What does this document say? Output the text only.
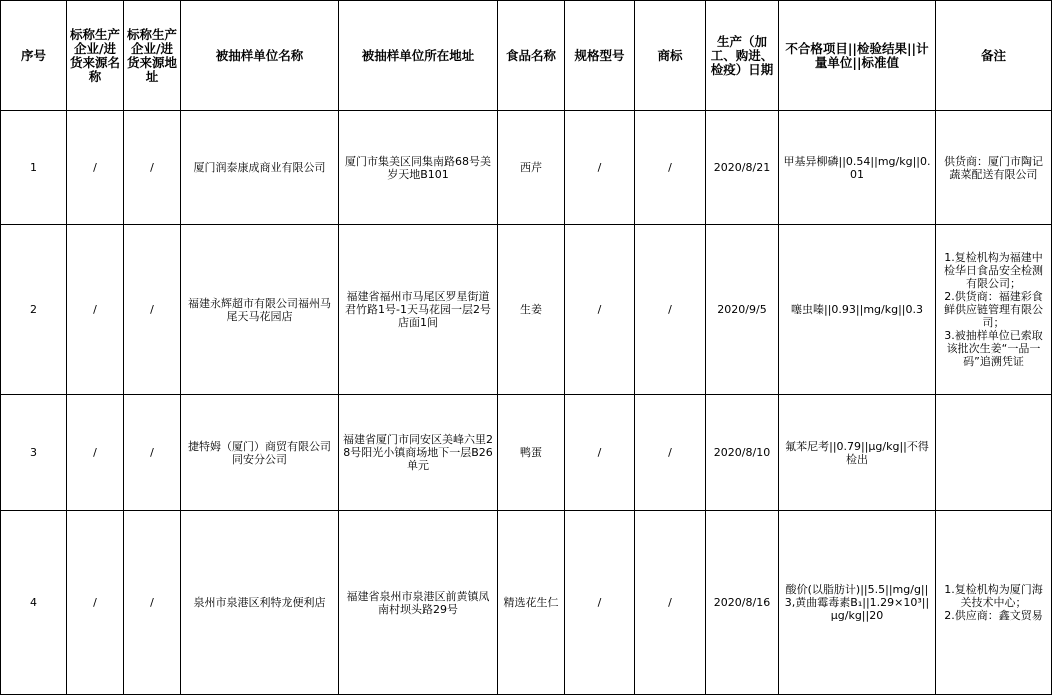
序号	标称生产企业/进货来源名称	标称生产企业/进货来源地址	被抽样单位名称	被抽样单位所在地址	食品名称	规格型号	商标	生产（加工、购进、检疫）日期	不合格项目||检验结果||计量单位||标准值	备注
1	/	/	厦门润泰康成商业有限公司	厦门市集美区同集南路68号美岁天地B101	西芹	/	/	2020/8/21	甲基异柳磷||0.54||mg/kg||0.01	供货商：厦门市陶记蔬菜配送有限公司

2	/	/	福建永辉超市有限公司福州马尾天马花园店	福建省福州市马尾区罗星街道君竹路1号-1天马花园一层2号店面1间	生姜	/	/	2020/9/5	噻虫嗪||0.93||mg/kg||0.3	1.复检机构为福建中检华日食品安全检测有限公司；
2.供货商：福建彩食鲜供应链管理有限公司；
3.被抽样单位已索取该批次生姜“一品一码”追溯凭证

3	/	/	捷特姆（厦门）商贸有限公司同安分公司	福建省厦门市同安区美峰六里28号阳光小镇商场地下一层B26单元	鸭蛋	/	/	2020/8/10	氟苯尼考||0.79||μg/kg||不得检出	
4	/	/	泉州市泉港区利特龙便利店	福建省泉州市泉港区前黄镇凤南村坝头路29号	精选花生仁	/	/	2020/8/16	酸价(以脂肪计)||5.5||mg/g||3,黄曲霉毒素B₁||1.29×10³||μg/kg||20	1.复检机构为厦门海关技术中心；
2.供应商：鑫文贸易
